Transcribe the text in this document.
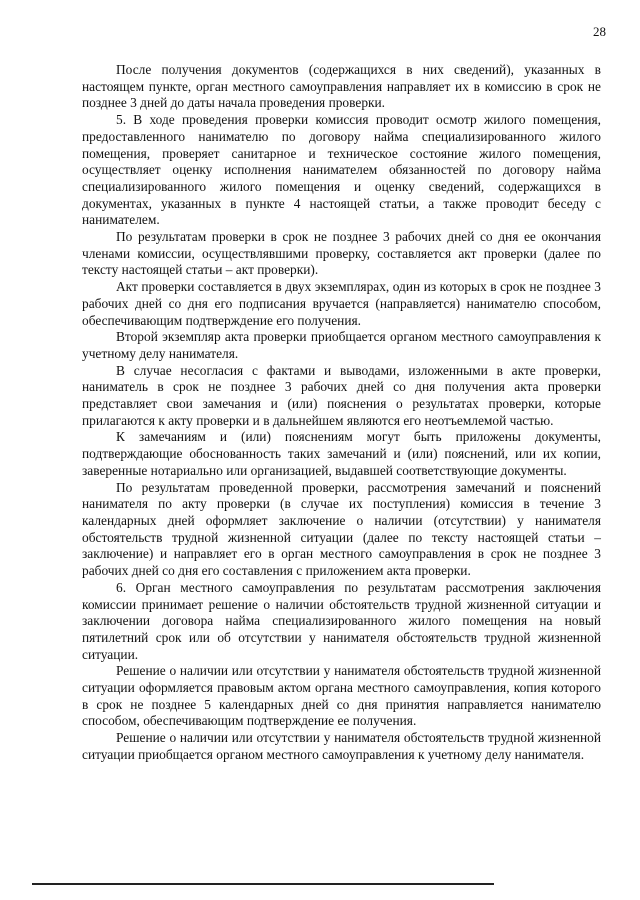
28

После получения документов (содержащихся в них сведений), указанных в настоящем пункте, орган местного самоуправления направляет их в комиссию в срок не позднее 3 дней до даты начала проведения проверки.

5. В ходе проведения проверки комиссия проводит осмотр жилого помещения, предоставленного нанимателю по договору найма специализированного жилого помещения, проверяет санитарное и техническое состояние жилого помещения, осуществляет оценку исполнения нанимателем обязанностей по договору найма специализированного жилого помещения и оценку сведений, содержащихся в документах, указанных в пункте 4 настоящей статьи, а также проводит беседу с нанимателем.

По результатам проверки в срок не позднее 3 рабочих дней со дня ее окончания членами комиссии, осуществлявшими проверку, составляется акт проверки (далее по тексту настоящей статьи – акт проверки).

Акт проверки составляется в двух экземплярах, один из которых в срок не позднее 3 рабочих дней со дня его подписания вручается (направляется) нанимателю способом, обеспечивающим подтверждение его получения.

Второй экземпляр акта проверки приобщается органом местного самоуправления к учетному делу нанимателя.

В случае несогласия с фактами и выводами, изложенными в акте проверки, наниматель в срок не позднее 3 рабочих дней со дня получения акта проверки представляет свои замечания и (или) пояснения о результатах проверки, которые прилагаются к акту проверки и в дальнейшем являются его неотъемлемой частью.

К замечаниям и (или) пояснениям могут быть приложены документы, подтверждающие обоснованность таких замечаний и (или) пояснений, или их копии, заверенные нотариально или организацией, выдавшей соответствующие документы.

По результатам проведенной проверки, рассмотрения замечаний и пояснений нанимателя по акту проверки (в случае их поступления) комиссия в течение 3 календарных дней оформляет заключение о наличии (отсутствии) у нанимателя обстоятельств трудной жизненной ситуации (далее по тексту настоящей статьи – заключение) и направляет его в орган местного самоуправления в срок не позднее 3 рабочих дней со дня его составления с приложением акта проверки.

6. Орган местного самоуправления по результатам рассмотрения заключения комиссии принимает решение о наличии обстоятельств трудной жизненной ситуации и заключении договора найма специализированного жилого помещения на новый пятилетний срок или об отсутствии у нанимателя обстоятельств трудной жизненной ситуации.

Решение о наличии или отсутствии у нанимателя обстоятельств трудной жизненной ситуации оформляется правовым актом органа местного самоуправления, копия которого в срок не позднее 5 календарных дней со дня принятия направляется нанимателю способом, обеспечивающим подтверждение ее получения.

Решение о наличии или отсутствии у нанимателя обстоятельств трудной жизненной ситуации приобщается органом местного самоуправления к учетному делу нанимателя.
